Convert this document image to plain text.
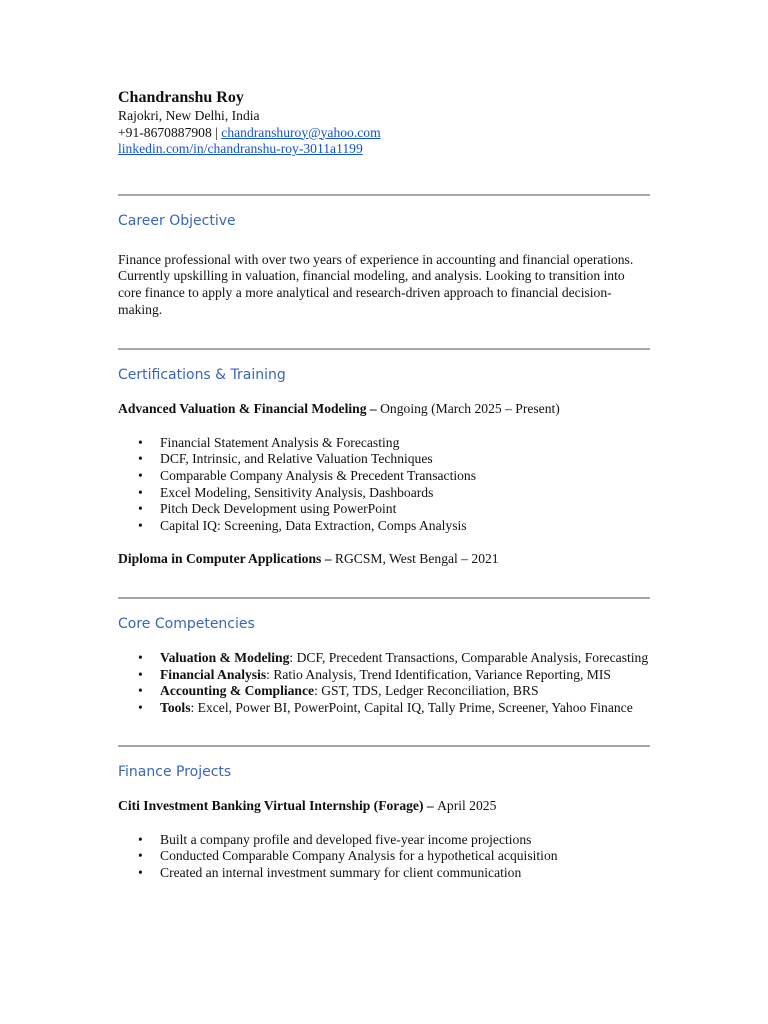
Chandranshu Roy
Rajokri, New Delhi, India
+91-8670887908 | chandranshuroy@yahoo.com
linkedin.com/in/chandranshu-roy-3011a1199
Career Objective

Finance professional with over two years of experience in accounting and financial operations. Currently upskilling in valuation, financial modeling, and analysis. Looking to transition into core finance to apply a more analytical and research-driven approach to financial decision-making.

Certifications & Training
Advanced Valuation & Financial Modeling – Ongoing (March 2025 – Present)
• Financial Statement Analysis & Forecasting
• DCF, Intrinsic, and Relative Valuation Techniques
• Comparable Company Analysis & Precedent Transactions
• Excel Modeling, Sensitivity Analysis, Dashboards
• Pitch Deck Development using PowerPoint
• Capital IQ: Screening, Data Extraction, Comps Analysis
Diploma in Computer Applications – RGCSM, West Bengal – 2021
Core Competencies
• Valuation & Modeling: DCF, Precedent Transactions, Comparable Analysis, Forecasting
• Financial Analysis: Ratio Analysis, Trend Identification, Variance Reporting, MIS
• Accounting & Compliance: GST, TDS, Ledger Reconciliation, BRS
• Tools: Excel, Power BI, PowerPoint, Capital IQ, Tally Prime, Screener, Yahoo Finance
Finance Projects
Citi Investment Banking Virtual Internship (Forage) – April 2025
• Built a company profile and developed five-year income projections
• Conducted Comparable Company Analysis for a hypothetical acquisition
• Created an internal investment summary for client communication
